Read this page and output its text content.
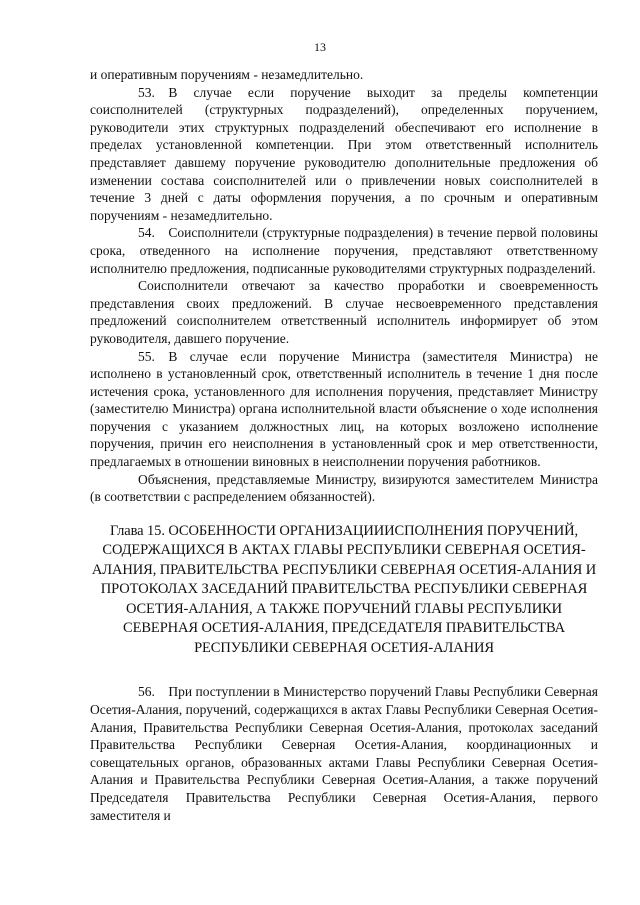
13

и оперативным поручениям - незамедлительно.

53. В случае если поручение выходит за пределы компетенции соисполнителей (структурных подразделений), определенных поручением, руководители этих структурных подразделений обеспечивают его исполнение в пределах установленной компетенции. При этом ответственный исполнитель представляет давшему поручение руководителю дополнительные предложения об изменении состава соисполнителей или о привлечении новых соисполнителей в течение 3 дней с даты оформления поручения, а по срочным и оперативным поручениям - незамедлительно.

54. Соисполнители (структурные подразделения) в течение первой половины срока, отведенного на исполнение поручения, представляют ответственному исполнителю предложения, подписанные руководителями структурных подразделений.

Соисполнители отвечают за качество проработки и своевременность представления своих предложений. В случае несвоевременного представления предложений соисполнителем ответственный исполнитель информирует об этом руководителя, давшего поручение.

55. В случае если поручение Министра (заместителя Министра) не исполнено в установленный срок, ответственный исполнитель в течение 1 дня после истечения срока, установленного для исполнения поручения, представляет Министру (заместителю Министра) органа исполнительной власти объяснение о ходе исполнения поручения с указанием должностных лиц, на которых возложено исполнение поручения, причин его неисполнения в установленный срок и мер ответственности, предлагаемых в отношении виновных в неисполнении поручения работников.

Объяснения, представляемые Министру, визируются заместителем Министра (в соответствии с распределением обязанностей).

Глава 15. ОСОБЕННОСТИ ОРГАНИЗАЦИИИСПОЛНЕНИЯ ПОРУЧЕНИЙ, СОДЕРЖАЩИХСЯ В АКТАХ ГЛАВЫ РЕСПУБЛИКИ СЕВЕРНАЯ ОСЕТИЯ-АЛАНИЯ, ПРАВИТЕЛЬСТВА РЕСПУБЛИКИ СЕВЕРНАЯ ОСЕТИЯ-АЛАНИЯ И ПРОТОКОЛАХ ЗАСЕДАНИЙ ПРАВИТЕЛЬСТВА РЕСПУБЛИКИ СЕВЕРНАЯ ОСЕТИЯ-АЛАНИЯ, А ТАКЖЕ ПОРУЧЕНИЙ ГЛАВЫ РЕСПУБЛИКИ СЕВЕРНАЯ ОСЕТИЯ-АЛАНИЯ, ПРЕДСЕДАТЕЛЯ ПРАВИТЕЛЬСТВА РЕСПУБЛИКИ СЕВЕРНАЯ ОСЕТИЯ-АЛАНИЯ

56. При поступлении в Министерство поручений Главы Республики Северная Осетия-Алания, поручений, содержащихся в актах Главы Республики Северная Осетия-Алания, Правительства Республики Северная Осетия-Алания, протоколах заседаний Правительства Республики Северная Осетия-Алания, координационных и совещательных органов, образованных актами Главы Республики Северная Осетия-Алания и Правительства Республики Северная Осетия-Алания, а также поручений Председателя Правительства Республики Северная Осетия-Алания, первого заместителя и
